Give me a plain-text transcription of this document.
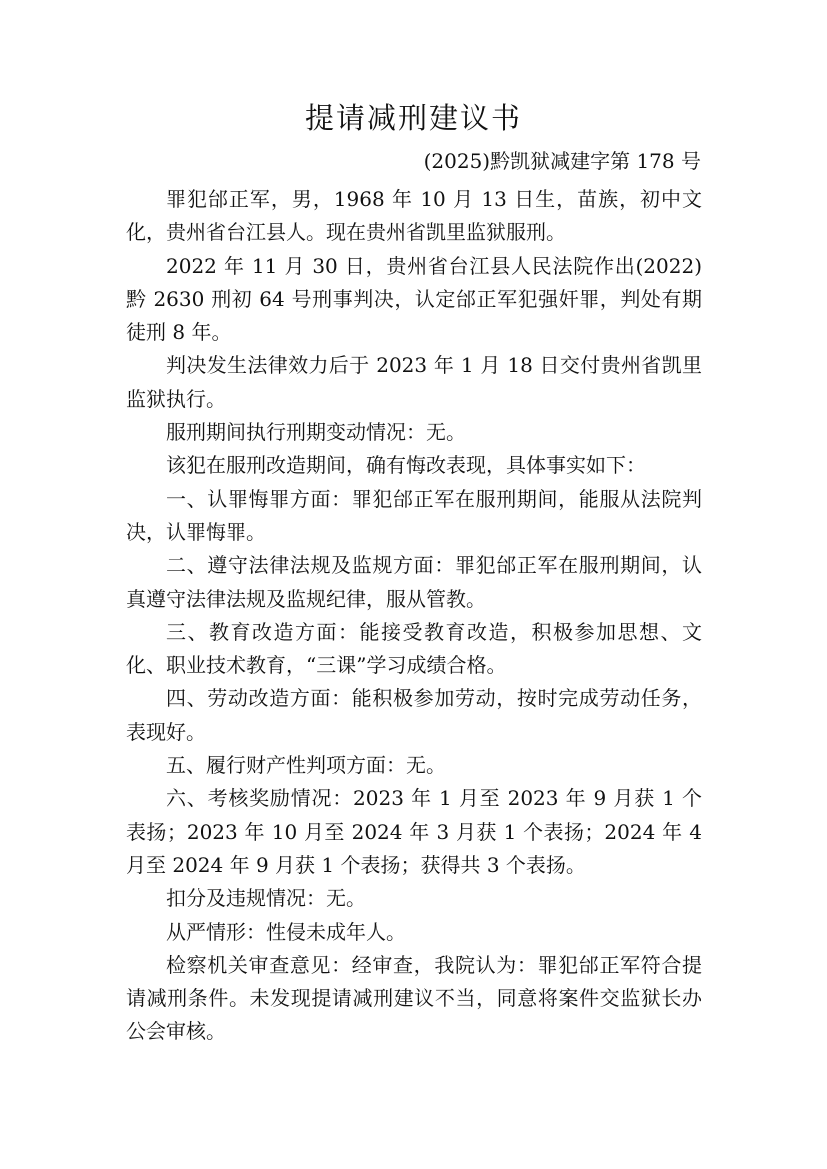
提请减刑建议书
(2025)黔凯狱减建字第 178 号

罪犯邰正军，男，1968 年 10 月 13 日生，苗族，初中文化，贵州省台江县人。现在贵州省凯里监狱服刑。

2022 年 11 月 30 日，贵州省台江县人民法院作出(2022)黔 2630 刑初 64 号刑事判决，认定邰正军犯强奸罪，判处有期徒刑 8 年。

判决发生法律效力后于 2023 年 1 月 18 日交付贵州省凯里监狱执行。

服刑期间执行刑期变动情况：无。

该犯在服刑改造期间，确有悔改表现，具体事实如下：

一、认罪悔罪方面：罪犯邰正军在服刑期间，能服从法院判决，认罪悔罪。

二、遵守法律法规及监规方面：罪犯邰正军在服刑期间，认真遵守法律法规及监规纪律，服从管教。

三、教育改造方面：能接受教育改造，积极参加思想、文化、职业技术教育，“三课”学习成绩合格。

四、劳动改造方面：能积极参加劳动，按时完成劳动任务，表现好。

五、履行财产性判项方面：无。

六、考核奖励情况：2023 年 1 月至 2023 年 9 月获 1 个表扬；2023 年 10 月至 2024 年 3 月获 1 个表扬；2024 年 4 月至 2024 年 9 月获 1 个表扬；获得共 3 个表扬。

扣分及违规情况：无。

从严情形：性侵未成年人。

检察机关审查意见：经审查，我院认为：罪犯邰正军符合提请减刑条件。未发现提请减刑建议不当，同意将案件交监狱长办公会审核。
